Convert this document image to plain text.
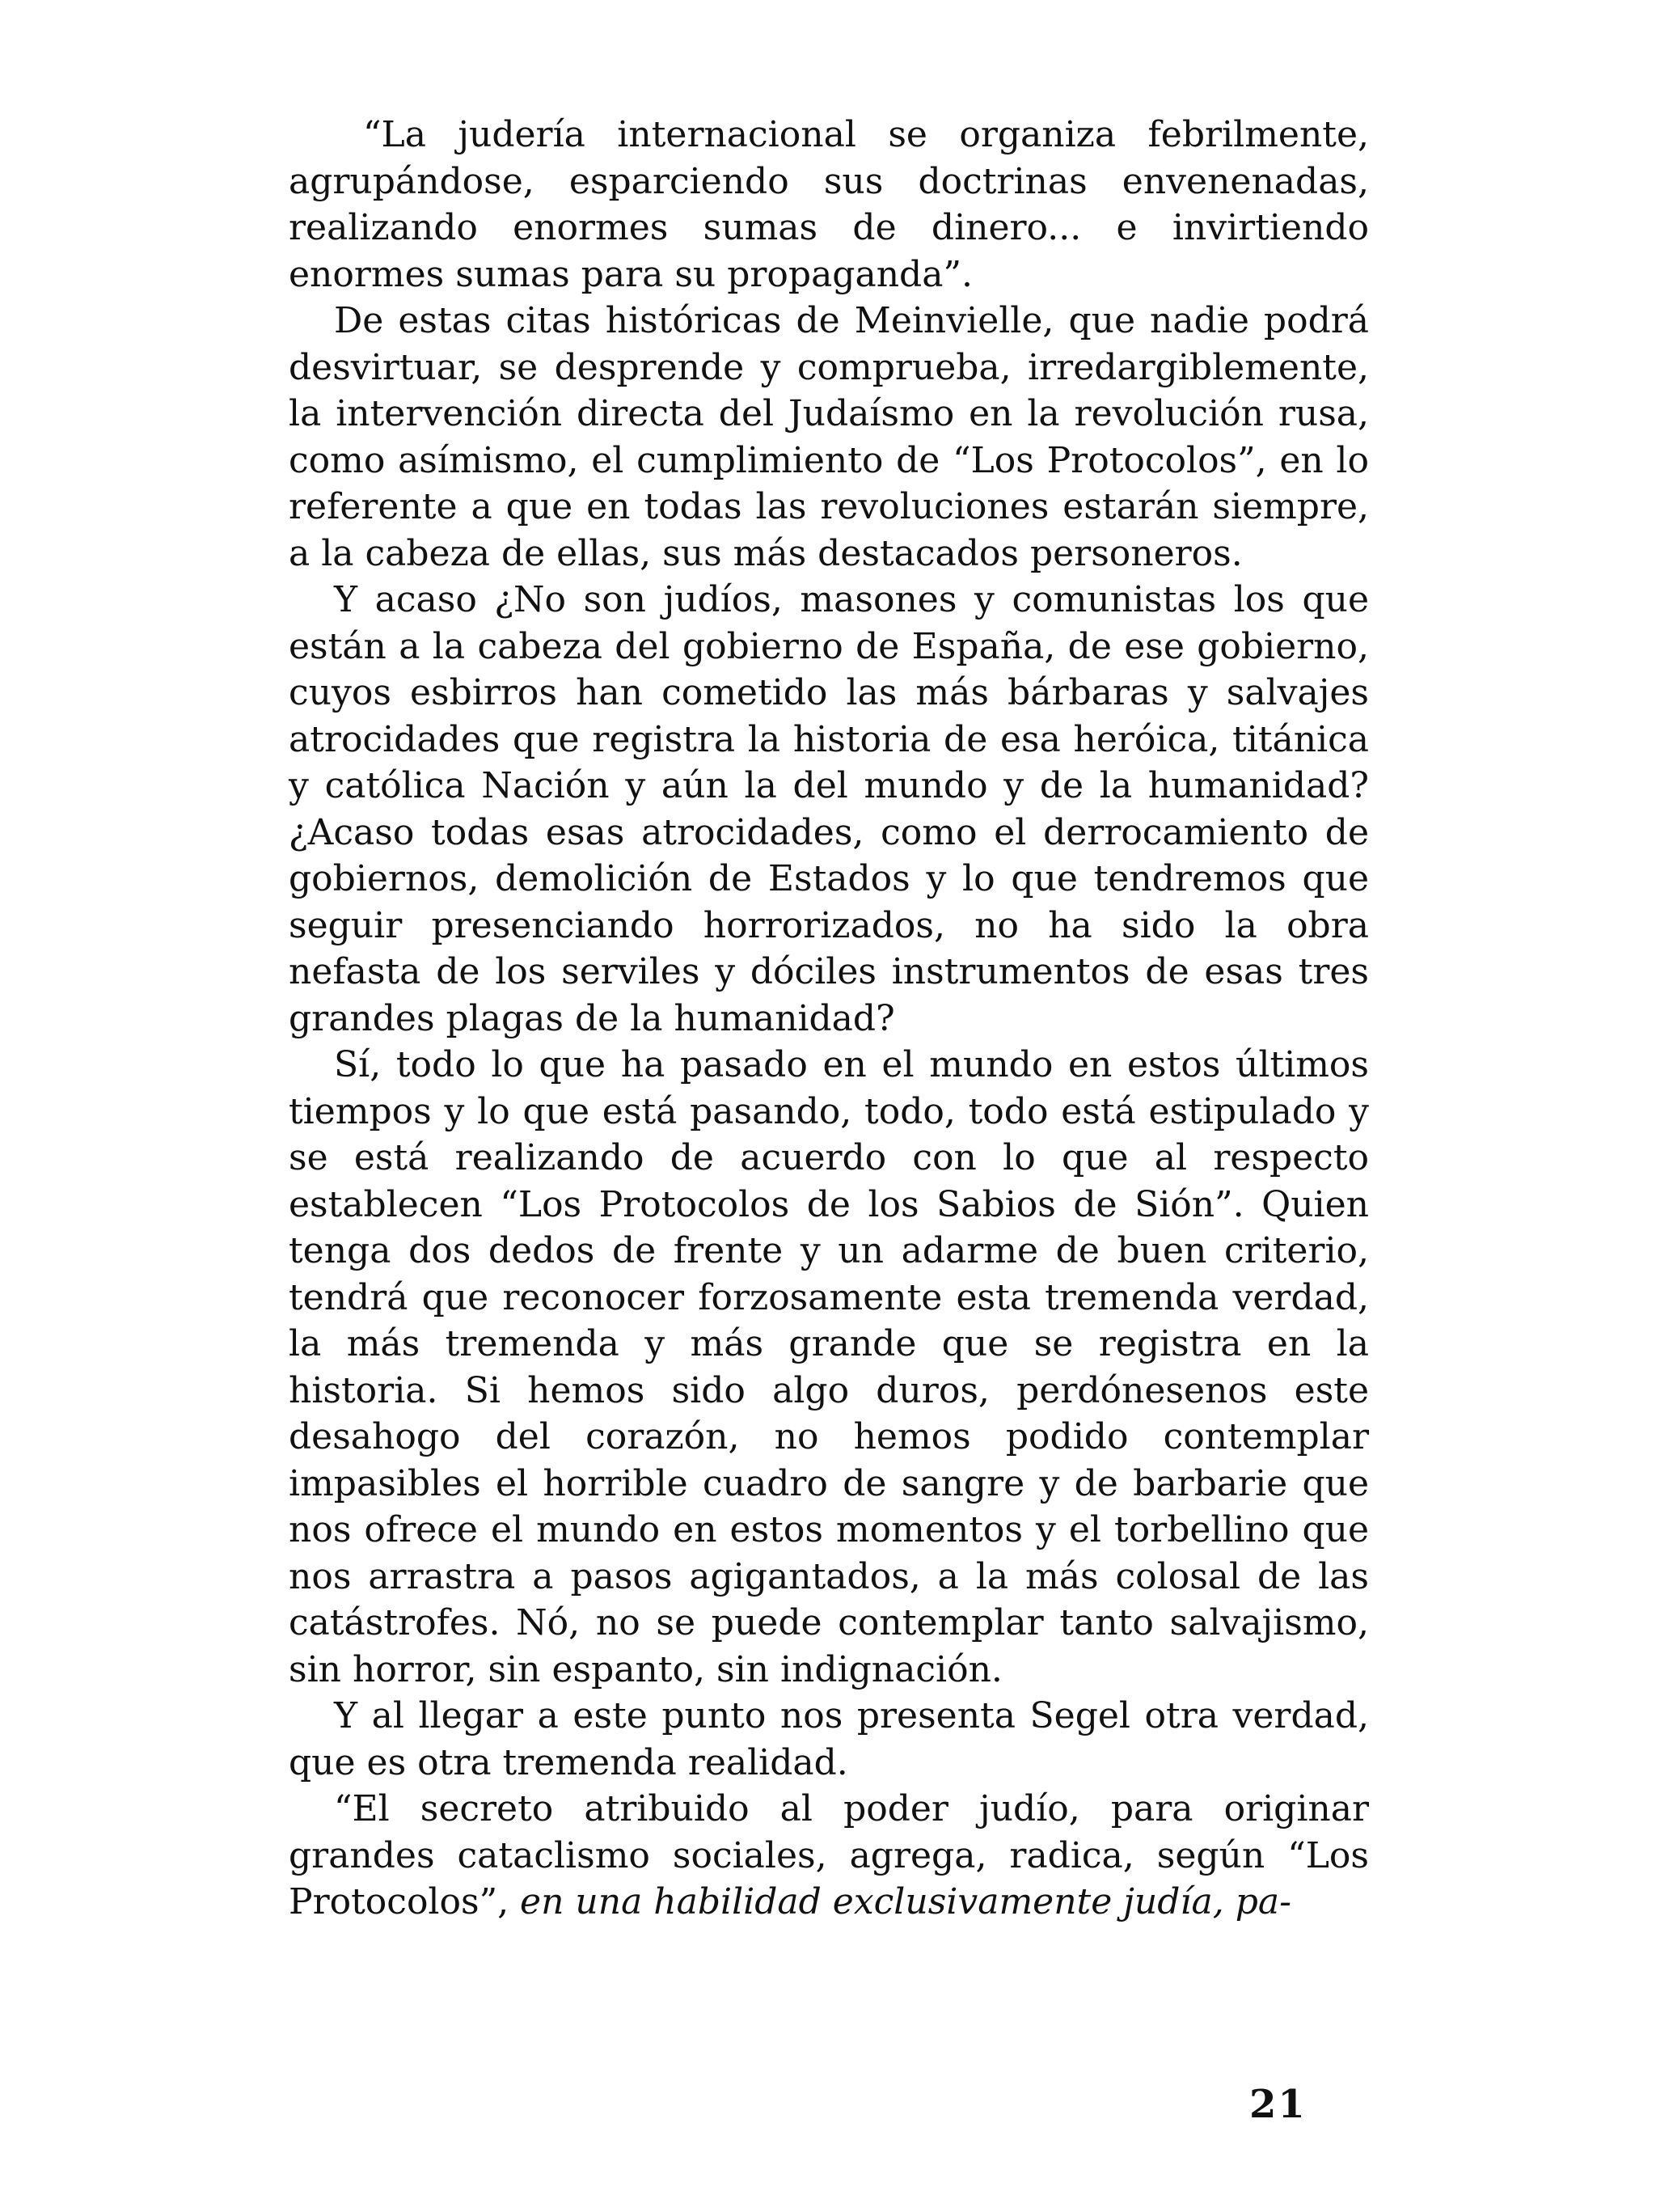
“La judería internacional se organiza febrilmente, agrupándose, esparciendo sus doctrinas envenenadas, realizando enormes sumas de dinero... e invirtiendo enormes sumas para su propaganda”.

De estas citas históricas de Meinvielle, que nadie podrá desvirtuar, se desprende y comprueba, irredargiblemente, la intervención directa del Judaísmo en la revolución rusa, como asímismo, el cumplimiento de “Los Protocolos”, en lo referente a que en todas las revoluciones estarán siempre, a la cabeza de ellas, sus más destacados personeros.

Y acaso ¿No son judíos, masones y comunistas los que están a la cabeza del gobierno de España, de ese gobierno, cuyos esbirros han cometido las más bárbaras y salvajes atrocidades que registra la historia de esa heróica, titánica y católica Nación y aún la del mundo y de la humanidad? ¿Acaso todas esas atrocidades, como el derrocamiento de gobiernos, demolición de Estados y lo que tendremos que seguir presenciando horrorizados, no ha sido la obra nefasta de los serviles y dóciles instrumentos de esas tres grandes plagas de la humanidad?

Sí, todo lo que ha pasado en el mundo en estos últimos tiempos y lo que está pasando, todo, todo está estipulado y se está realizando de acuerdo con lo que al respecto establecen “Los Protocolos de los Sabios de Sión”. Quien tenga dos dedos de frente y un adarme de buen criterio, tendrá que reconocer forzosamente esta tremenda verdad, la más tremenda y más grande que se registra en la historia. Si hemos sido algo duros, perdónesenos este desahogo del corazón, no hemos podido contemplar impasibles el horrible cuadro de sangre y de barbarie que nos ofrece el mundo en estos momentos y el torbellino que nos arrastra a pasos agigantados, a la más colosal de las catástrofes. Nó, no se puede contemplar tanto salvajismo, sin horror, sin espanto, sin indignación.

Y al llegar a este punto nos presenta Segel otra verdad, que es otra tremenda realidad.

“El secreto atribuido al poder judío, para originar grandes cataclismo sociales, agrega, radica, según “Los Protocolos”, en una habilidad exclusivamente judía, pa-

21
